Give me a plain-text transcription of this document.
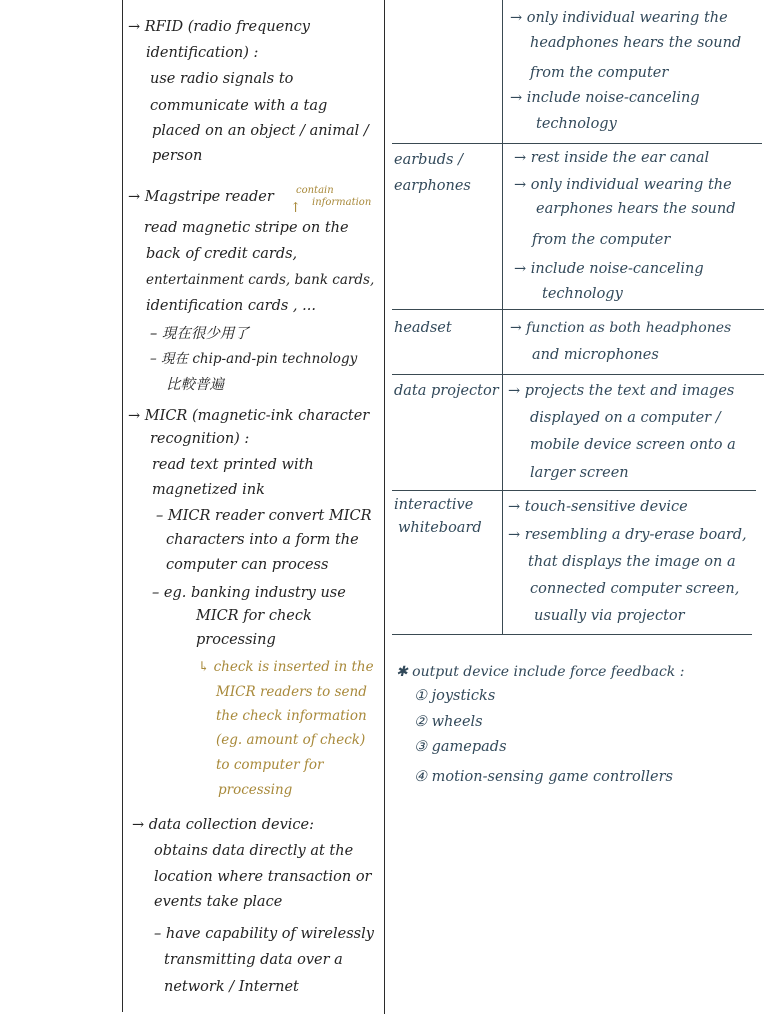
→ RFID (radio frequency
identification) :
use radio signals to
communicate with a tag
placed on an object / animal /
person
→ Magstripe reader contain
information
↑
read magnetic stripe on the
back of credit cards,
entertainment cards, bank cards,
identification cards , ...
– 現在很少用了
– 現在 chip-and-pin technology
比較普遍
→ MICR (magnetic-ink character
recognition) :
read text printed with
magnetized ink
– MICR reader convert MICR
characters into a form the
computer can process
– eg. banking industry use
MICR for check
processing
↳ check is inserted in the
MICR readers to send
the check information
(eg. amount of check)
to computer for
processing
→ data collection device:
obtains data directly at the
location where transaction or
events take place
– have capability of wirelessly
transmitting data over a
network / Internet
→ only individual wearing the
headphones hears the sound
from the computer
→ include noise-canceling
technology
earbuds /
earphones
→ rest inside the ear canal
→ only individual wearing the
earphones hears the sound
from the computer
→ include noise-canceling
technology
headset	→ function as both headphones
and microphones
data projector → projects the text and images
displayed on a computer /
mobile device screen onto a
larger screen
interactive
whiteboard
→ touch-sensitive device
→ resembling a dry-erase board,
that displays the image on a
connected computer screen,
usually via projector
✱ output device include force feedback :
① joysticks
② wheels
③ gamepads
④ motion-sensing game controllers
